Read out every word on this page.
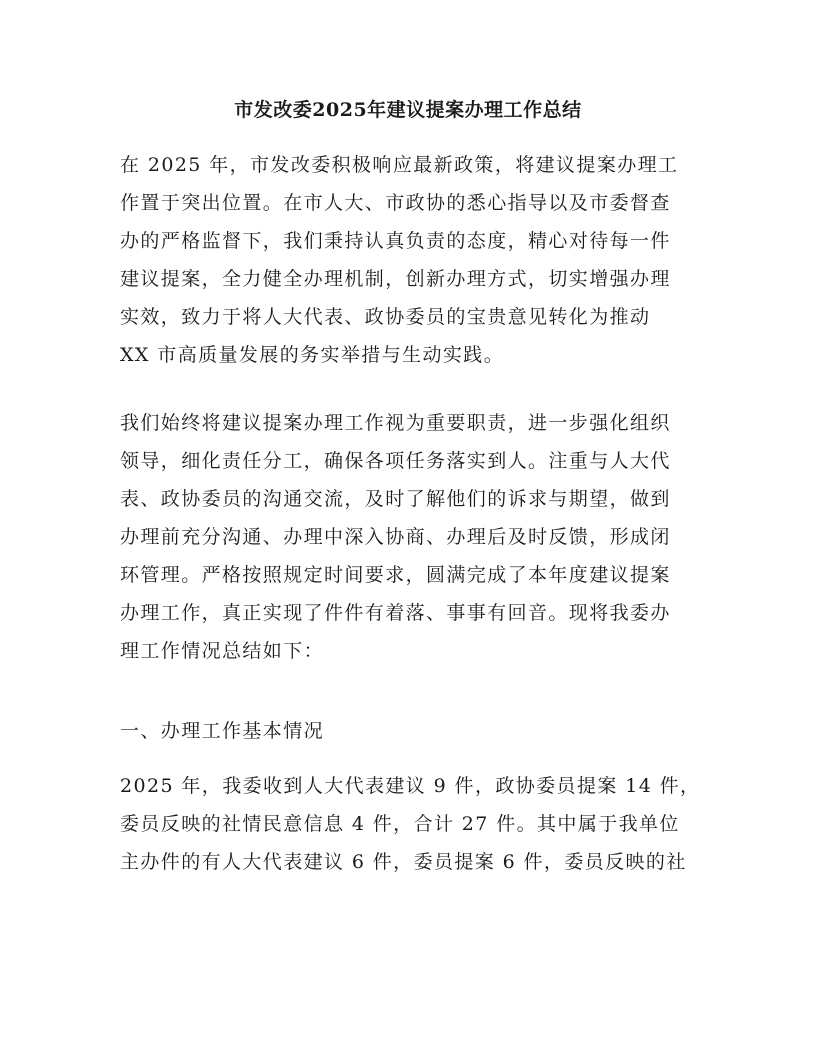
市发改委2025年建议提案办理工作总结
在 2025 年，市发改委积极响应最新政策，将建议提案办理工
作置于突出位置。在市人大、市政协的悉心指导以及市委督查
办的严格监督下，我们秉持认真负责的态度，精心对待每一件
建议提案，全力健全办理机制，创新办理方式，切实增强办理
实效，致力于将人大代表、政协委员的宝贵意见转化为推动
XX 市高质量发展的务实举措与生动实践。
我们始终将建议提案办理工作视为重要职责，进一步强化组织
领导，细化责任分工，确保各项任务落实到人。注重与人大代
表、政协委员的沟通交流，及时了解他们的诉求与期望，做到
办理前充分沟通、办理中深入协商、办理后及时反馈，形成闭
环管理。严格按照规定时间要求，圆满完成了本年度建议提案
办理工作，真正实现了件件有着落、事事有回音。现将我委办
理工作情况总结如下：
一、办理工作基本情况
2025 年，我委收到人大代表建议 9 件，政协委员提案 14 件，
委员反映的社情民意信息 4 件，合计 27 件。其中属于我单位
主办件的有人大代表建议 6 件，委员提案 6 件，委员反映的社
